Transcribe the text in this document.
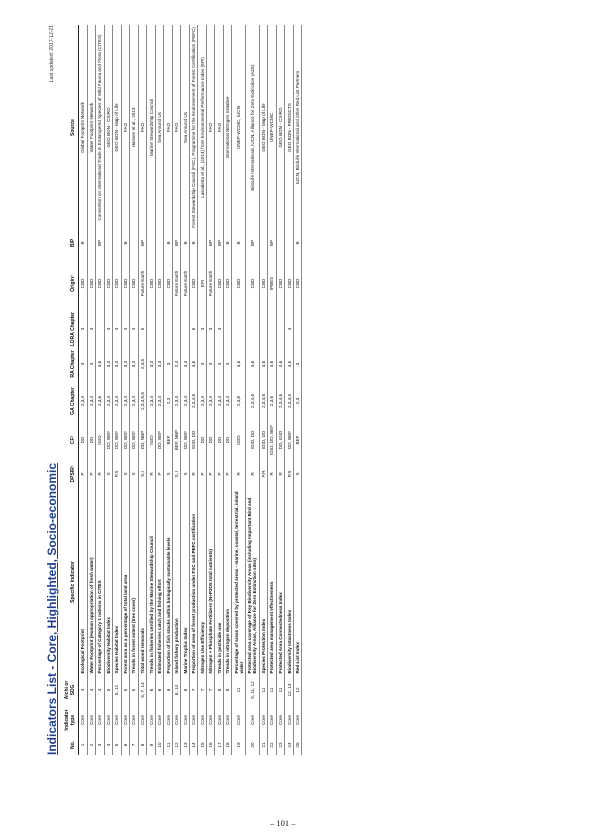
Indicators List - Core, Highlighted, Socio-economic
Last updated: 2017-12-21
No.	Indicator type	Aichi or SDG	Specific Indicator	DPSIR¹	CF²	GA Chapter	RA Chapter	LDRA Chapter	Origin³	BIP	Source
1	Core	4	Ecological Footprint	P	DD	2,3,4	4	3	CBD	B	Global Footprint Network
2	Core	4	Water Footprint (Human appropriation of fresh water)	P	DD	2,3,4	4	3	CBD		Water Footprint Network
3	Core	4	Percentage of Category 1 nations in CITES	R	IGID	2,3,6	4,6		CBD	BP	Convention on International Trade in Endangered Species of Wild Fauna and Flora (CITES)
4	Core	5	Biodiversity Habitat Index	S	DD, BEF	2,3,4	3,4	4	CBD		GEO BON - CSIRO
5	Core	5, 12	Species Habitat Index	P,S	DD, BEF	2,3,4	3,4	4	CBD		GEO BON - Map of Life
6	Core	5	Forest area as a percentage of total land area	S	DD, BEF	2,3,4	3,4	4	CBD	B	FAO
7	Core	5	Trends in forest extent (tree cover)	S	DD, BEF	2,3,4	3,4	4	CBD		Hansen et al., 2013
8	Core	5, 7, 14	Total wood removals	S,I	DD, NBP	2,3,4,5,6	2,4,5	5	Future Earth	BP	FAO
9	Core	6	Trends in fisheries certified by the Marine Stewardship Council	R	IGID	2,3,4	3,4		CBD		Marine Stewardship Council
10	Core	6	Estimated fisheries catch and fishing effort	P	DD, BEF	2,3,4	3,4		CBD		Sea Around Us
11	Core	6	Proportion of fish stocks within biologically sustainable levels	S	BEF	2,3	3		CBD	B	FAO
12	Core	6, 14	Inland fishery production	S, I	BEF, NBP	2,3,4	2,4		Future Earth	BP	FAO
13	Core	6	Marine Trophic Index	S	DD, BEF	2,3,4	3,4		Future Earth	B	Sea Around Us
14	Core	7	Proportion of area of forest production under FSC and PEFC certification	R	IGID, DD	2,3,4,6	4,6	6	CBD	B	Forest Stewardship Council (FSC), Programme for the Endorsement of Forest Certification (PEFC)
15	Core	7	Nitrogen Use Efficiency	P	DD	2,3,4	4	3	EPI		Lassaletta et al., (2014) from Environmental Performance Index (EPI)
16	Core	7	Nitrogen + Phosphate Fertilizers (N+P2O5 total nutrients)	P	DD	2,3,4	4	3	Future Earth	BP	FAO
17	Core	8	Trends in pesticide use	P	DD	2,3,4	4	3	CBD	BP	FAO
18	Core	8	Trends in nitrogen deposition	P	DD	2,3,4	4		CBD	B	International Nitrogen Initiative
19	Core	11	Percentage of areas covered by protected areas - marine, coastal, terrestrial, inland water	R	IGID	2,3,6	4,6		CBD	B	UNEP-WCMC, IUCN
20	Core	5, 11, 12	Protected area coverage of Key Biodiversity Areas (including Important Bird and Biodiversity Areas, Alliance for Zero Extinction sites)	R	IGID, DD	2,3,4,6	4,6		CBD	BP	BirdLife International, IUCN, Alliance for Zero Extinction (AZE)
21	Core	11	Species Protection Index	P,R	IGID, DD	2,3,4,6	4,6		CBD		GEO BON - Map of Life
22	Core	11	Protected area management effectiveness	R	IGID, DD, BEF	2,3,6	4,6		IPBES	BP	UNEP-WCMC
23	Core	11	Protected Area Connectedness Index	R	DD, IGID	2,3,4,6	4,6		CBD		GEO BON - CSIRO
24	Core	12, 14	Biodiversity Intactness Index	P,S	DD, BEF	2,3,4,5	4,5	4	CBD		GEO BON - PREDICTS
25	Core	12	Red List Index	S	BEF	2,3	3		CBD	B	IUCN, BirdLife International and other Red List Partners
– 101 –
